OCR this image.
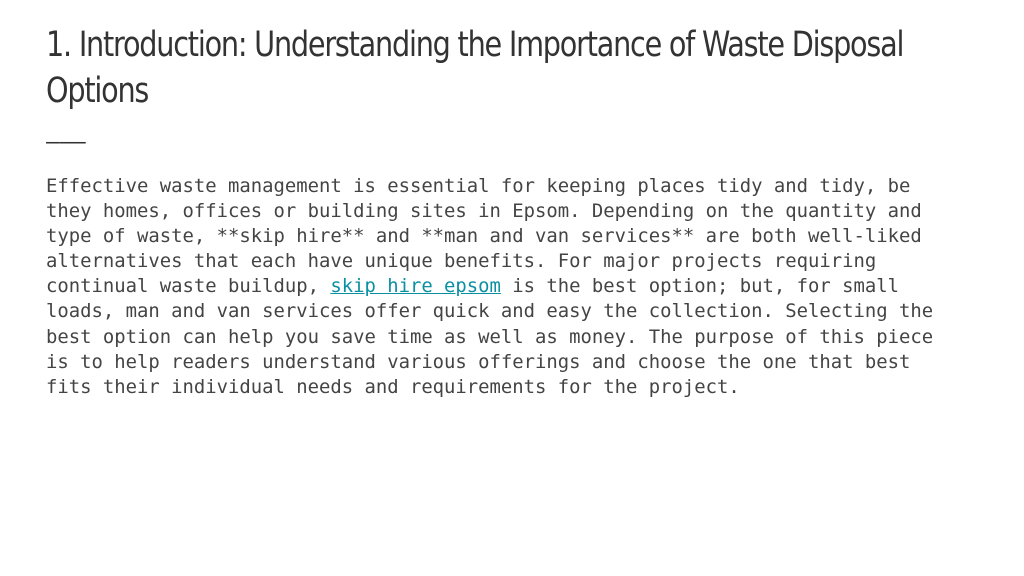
1. Introduction: Understanding the Importance of Waste Disposal Options
———
Effective waste management is essential for keeping places tidy and tidy, be
they homes, offices or building sites in Epsom. Depending on the quantity and
type of waste, **skip hire** and **man and van services** are both well-liked
alternatives that each have unique benefits. For major projects requiring
continual waste buildup, skip hire epsom is the best option; but, for small
loads, man and van services offer quick and easy the collection. Selecting the
best option can help you save time as well as money. The purpose of this piece
is to help readers understand various offerings and choose the one that best
fits their individual needs and requirements for the project.
